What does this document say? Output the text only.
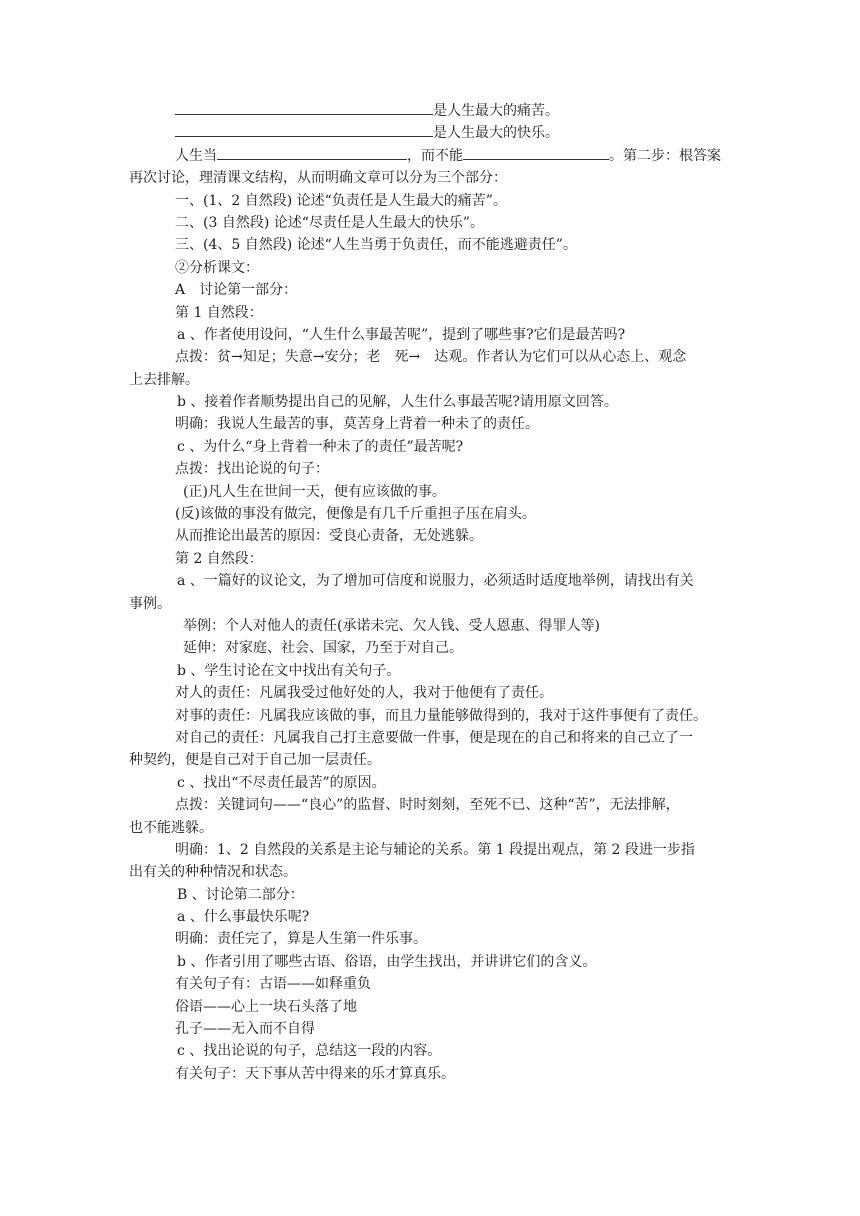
是人生最大的痛苦。
是人生最大的快乐。
人生当	，而不能	。第二步：根答案
再次讨论，理清课文结构，从而明确文章可以分为三个部分：
一、(1、2 自然段) 论述“负责任是人生最大的痛苦”。
二、(3 自然段) 论述“尽责任是人生最大的快乐”。
三、(4、5 自然段) 论述“人生当勇于负责任，而不能逃避责任”。
②分析课文：
A　讨论第一部分：
第 1 自然段：
a 、作者使用设问，“人生什么事最苦呢”，提到了哪些事?它们是最苦吗?
点拨：贫→知足；失意→安分；老　死→　达观。作者认为它们可以从心态上、观念
上去排解。
b 、接着作者顺势提出自己的见解，人生什么事最苦呢?请用原文回答。
明确：我说人生最苦的事，莫苦身上背着一种未了的责任。
c 、为什么“身上背着一种未了的责任”最苦呢?
点拨：找出论说的句子：
(正)凡人生在世间一天，便有应该做的事。
(反)该做的事没有做完，便像是有几千斤重担子压在肩头。
从而推论出最苦的原因：受良心责备，无处逃躲。
第 2 自然段：
a 、一篇好的议论文，为了增加可信度和说服力，必须适时适度地举例，请找出有关
事例。
举例：个人对他人的责任(承诺未完、欠人钱、受人恩惠、得罪人等)
延伸：对家庭、社会、国家，乃至于对自己。
b 、学生讨论在文中找出有关句子。
对人的责任：凡属我受过他好处的人，我对于他便有了责任。
对事的责任：凡属我应该做的事，而且力量能够做得到的，我对于这件事便有了责任。
对自己的责任：凡属我自己打主意要做一件事，便是现在的自己和将来的自己立了一
种契约，便是自己对于自己加一层责任。
c 、找出“不尽责任最苦”的原因。
点拨：关键词句——“良心”的监督、时时刻刻，至死不已、这种“苦”，无法排解，
也不能逃躲。
明确：1、2 自然段的关系是主论与辅论的关系。第 1 段提出观点，第 2 段进一步指
出有关的种种情况和状态。
B 、讨论第二部分：
a 、什么事最快乐呢?
明确：责任完了，算是人生第一件乐事。
b 、作者引用了哪些古语、俗语，由学生找出，并讲讲它们的含义。
有关句子有：古语——如释重负
俗语——心上一块石头落了地
孔子——无入而不自得
c 、找出论说的句子，总结这一段的内容。
有关句子：天下事从苦中得来的乐才算真乐。
